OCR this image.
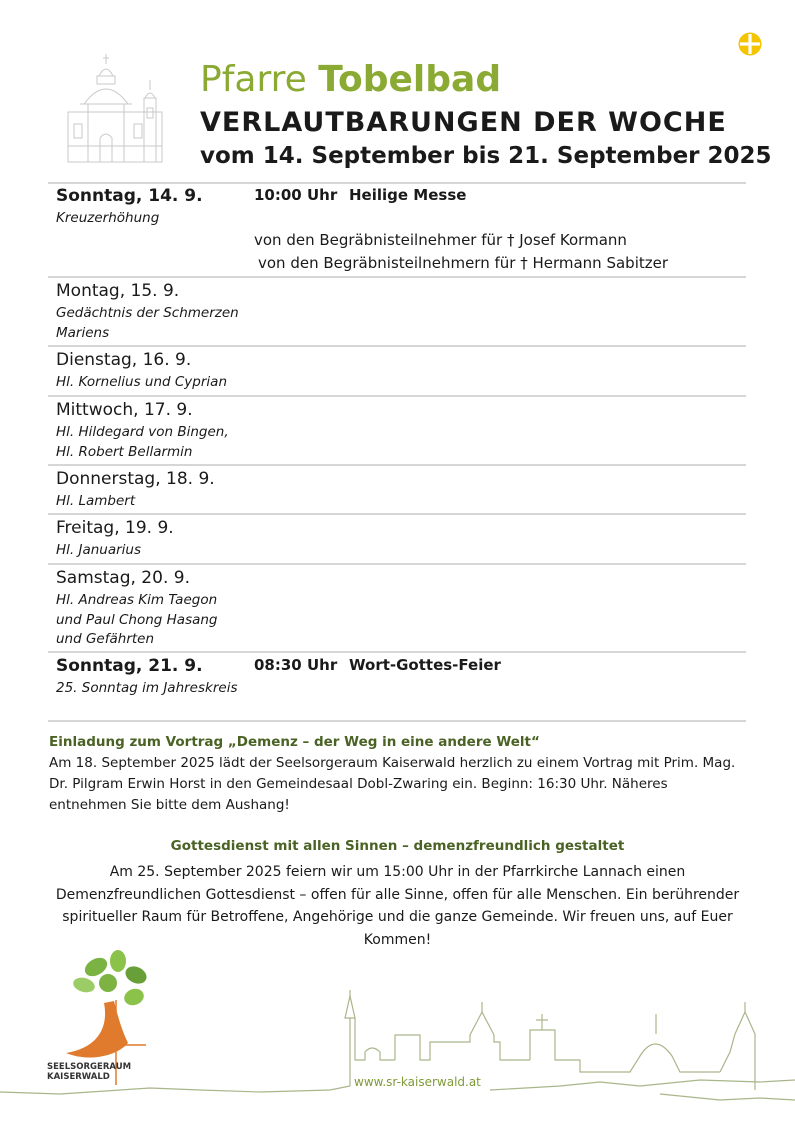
Pfarre Tobelbad
VERLAUTBARUNGEN DER WOCHE
vom 14. September bis 21. September 2025
Sonntag, 14. 9.
Kreuzerhöhung
10:00 Uhr Heilige Messe
von den Begräbnisteilnehmer für † Josef Kormann
von den Begräbnisteilnehmern für † Hermann Sabitzer
Montag, 15. 9.
Gedächtnis der Schmerzen Mariens
Dienstag, 16. 9.
Hl. Kornelius und Cyprian
Mittwoch, 17. 9.
Hl. Hildegard von Bingen, Hl. Robert Bellarmin
Donnerstag, 18. 9.
Hl. Lambert
Freitag, 19. 9.
Hl. Januarius
Samstag, 20. 9.
Hl. Andreas Kim Taegon und Paul Chong Hasang und Gefährten
Sonntag, 21. 9.
25. Sonntag im Jahreskreis
08:30 Uhr Wort-Gottes-Feier
Einladung zum Vortrag „Demenz – der Weg in eine andere Welt“
Am 18. September 2025 lädt der Seelsorgeraum Kaiserwald herzlich zu einem Vortrag mit Prim. Mag. Dr. Pilgram Erwin Horst in den Gemeindesaal Dobl-Zwaring ein. Beginn: 16:30 Uhr. Näheres entnehmen Sie bitte dem Aushang!
Gottesdienst mit allen Sinnen – demenzfreundlich gestaltet
Am 25. September 2025 feiern wir um 15:00 Uhr in der Pfarrkirche Lannach einen Demenzfreundlichen Gottesdienst – offen für alle Sinne, offen für alle Menschen. Ein berührender spiritueller Raum für Betroffene, Angehörige und die ganze Gemeinde. Wir freuen uns, auf Euer Kommen!
SEELSORGERAUM
KAISERWALD	www.sr-kaiserwald.at
